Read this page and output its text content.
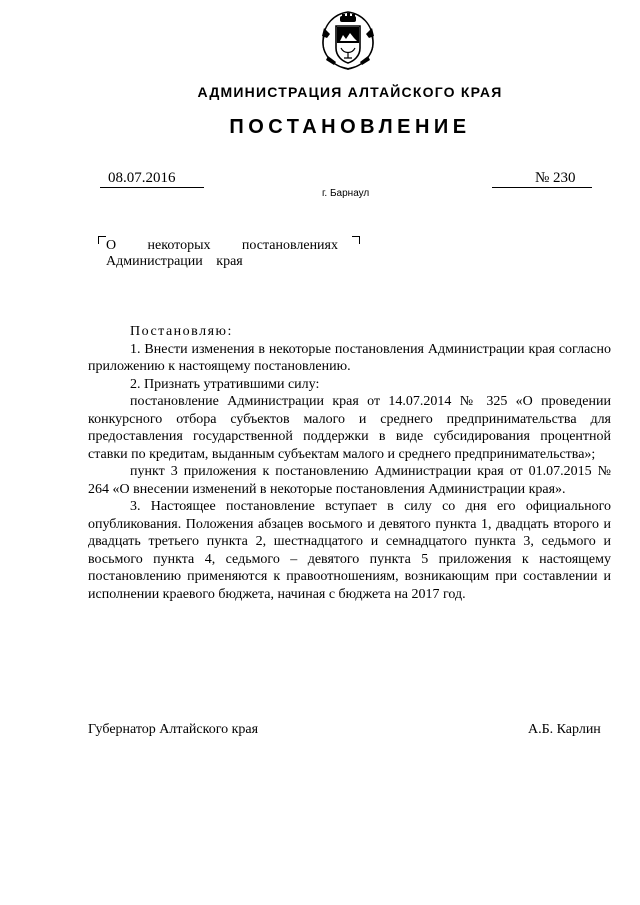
АДМИНИСТРАЦИЯ АЛТАЙСКОГО КРАЯ
ПОСТАНОВЛЕНИЕ
08.07.2016	№ 230
г. Барнаул
О некоторых постановлениях
Администрации края

Постановляю:

1. Внести изменения в некоторые постановления Администрации края согласно приложению к настоящему постановлению.

2. Признать утратившими силу:

постановление Администрации края от 14.07.2014 № 325 «О проведении конкурсного отбора субъектов малого и среднего предпринимательства для предоставления государственной поддержки в виде субсидирования процентной ставки по кредитам, выданным субъектам малого и среднего предпринимательства»;

пункт 3 приложения к постановлению Администрации края от 01.07.2015 № 264 «О внесении изменений в некоторые постановления Администрации края».

3. Настоящее постановление вступает в силу со дня его официального опубликования. Положения абзацев восьмого и девятого пункта 1, двадцать второго и двадцать третьего пункта 2, шестнадцатого и семнадцатого пункта 3, седьмого и восьмого пункта 4, седьмого – девятого пункта 5 приложения к настоящему постановлению применяются к правоотношениям, возникающим при составлении и исполнении краевого бюджета, начиная с бюджета на 2017 год.

Губернатор Алтайского края	А.Б. Карлин
